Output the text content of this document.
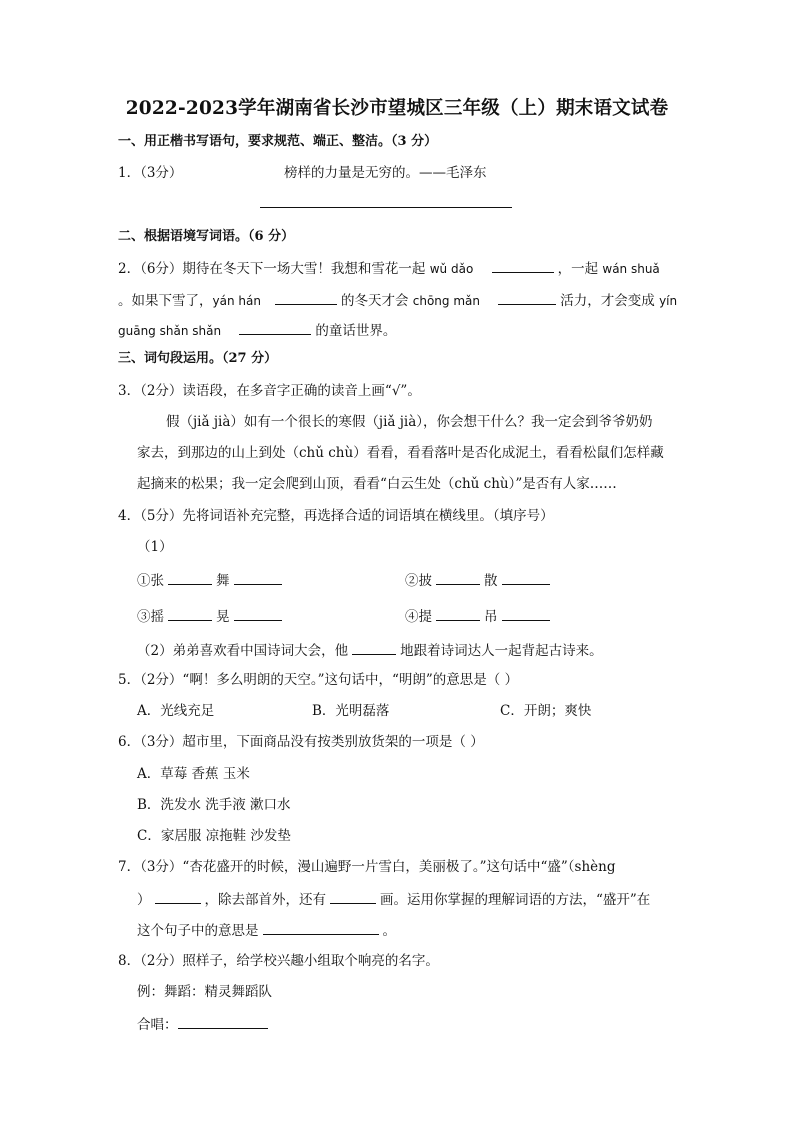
2022-2023学年湖南省长沙市望城区三年级（上）期末语文试卷
一、用正楷书写语句，要求规范、端正、整洁。（3 分）
1．（3分）	榜样的力量是无穷的。——毛泽东
二、根据语境写词语。（6 分）
2．（6分）期待在冬天下一场大雪！我想和雪花一起 wǔ dǎo	，一起 wán shuǎ
。如果下雪了，yán hán	的冬天才会 chōng mǎn	活力，才会变成 yín
guāng shǎn shǎn	的童话世界。
三、词句段运用。（27 分）
3．（2分）读语段，在多音字正确的读音上画“√”。
假（jiǎ jià）如有一个很长的寒假（jiǎ jià），你会想干什么？我一定会到爷爷奶奶
家去，到那边的山上到处（chǔ chù）看看，看看落叶是否化成泥土，看看松鼠们怎样藏
起摘来的松果；我一定会爬到山顶，看看“白云生处（chǔ chù）”是否有人家……
4．（5分）先将词语补充完整，再选择合适的词语填在横线里。（填序号）
（1）
①张	舞	②披	散
③摇	晃	④提	吊
（2）弟弟喜欢看中国诗词大会，他	地跟着诗词达人一起背起古诗来。
5．（2分）“啊！多么明朗的天空。”这句话中，“明朗”的意思是（ ）
A．光线充足	B．光明磊落	C．开朗；爽快
6．（3分）超市里，下面商品没有按类别放货架的一项是（ ）
A．草莓 香蕉 玉米
B．洗发水 洗手液 漱口水
C．家居服 凉拖鞋 沙发垫
7．（3分）“杏花盛开的时候，漫山遍野一片雪白，美丽极了。”这句话中“盛”（shèng
）	，除去部首外，还有	画。运用你掌握的理解词语的方法，“盛开”在
这个句子中的意思是	。
8．（2分）照样子，给学校兴趣小组取个响亮的名字。
例：舞蹈：精灵舞蹈队
合唱：
